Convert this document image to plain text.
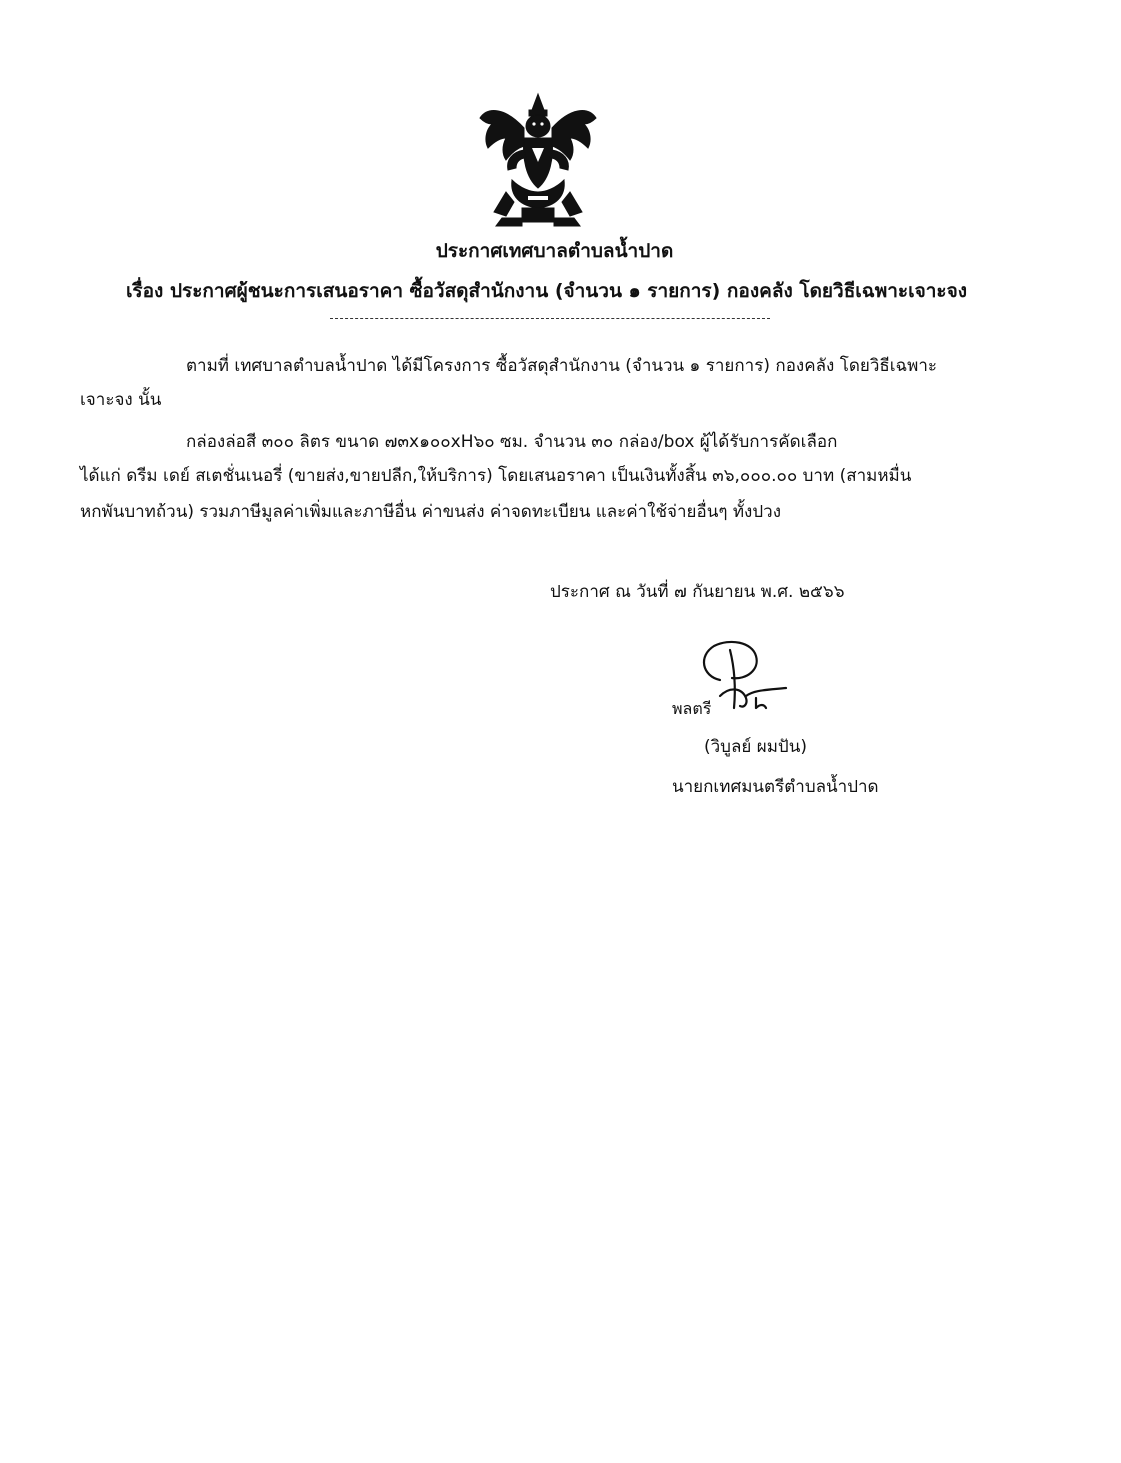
ประกาศเทศบาลตำบลน้ำปาด
เรื่อง ประกาศผู้ชนะการเสนอราคา ซื้อวัสดุสำนักงาน (จำนวน ๑ รายการ) กองคลัง โดยวิธีเฉพาะเจาะจง
ตามที่ เทศบาลตำบลน้ำปาด ได้มีโครงการ ซื้อวัสดุสำนักงาน (จำนวน ๑ รายการ) กองคลัง โดยวิธีเฉพาะ
เจาะจง นั้น
กล่องล่อสี ๓๐๐ ลิตร ขนาด ๗๓x๑๐๐xH๖๐ ซม. จำนวน ๓๐ กล่อง/box ผู้ได้รับการคัดเลือก
ได้แก่ ดรีม เดย์ สเตชั่นเนอรี่ (ขายส่ง,ขายปลีก,ให้บริการ) โดยเสนอราคา เป็นเงินทั้งสิ้น ๓๖,๐๐๐.๐๐ บาท (สามหมื่น
หกพันบาทถ้วน) รวมภาษีมูลค่าเพิ่มและภาษีอื่น ค่าขนส่ง ค่าจดทะเบียน และค่าใช้จ่ายอื่นๆ ทั้งปวง
ประกาศ ณ วันที่ ๗ กันยายน พ.ศ. ๒๕๖๖
พลตรี
(วิบูลย์ ผมปัน)
นายกเทศมนตรีตำบลน้ำปาด
